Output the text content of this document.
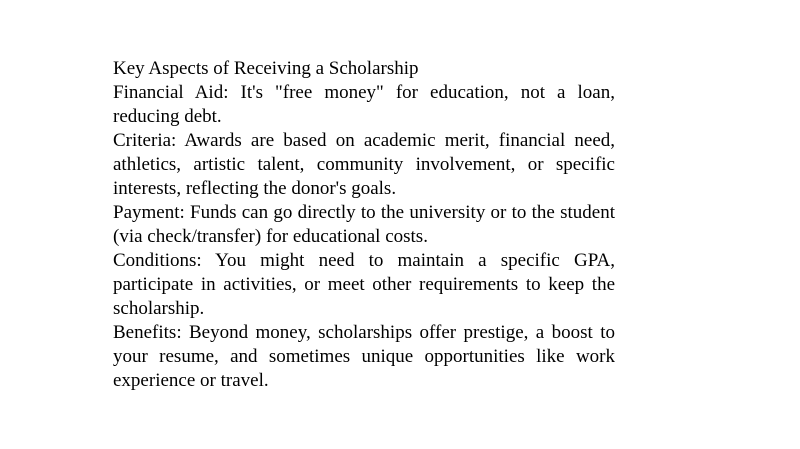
Key Aspects of Receiving a Scholarship
Financial Aid: It's "free money" for education, not a loan, reducing debt.
Criteria: Awards are based on academic merit, financial need, athletics, artistic talent, community involvement, or specific interests, reflecting the donor's goals.
Payment: Funds can go directly to the university or to the student (via check/transfer) for educational costs.
Conditions: You might need to maintain a specific GPA, participate in activities, or meet other requirements to keep the scholarship.
Benefits: Beyond money, scholarships offer prestige, a boost to your resume, and sometimes unique opportunities like work experience or travel.
